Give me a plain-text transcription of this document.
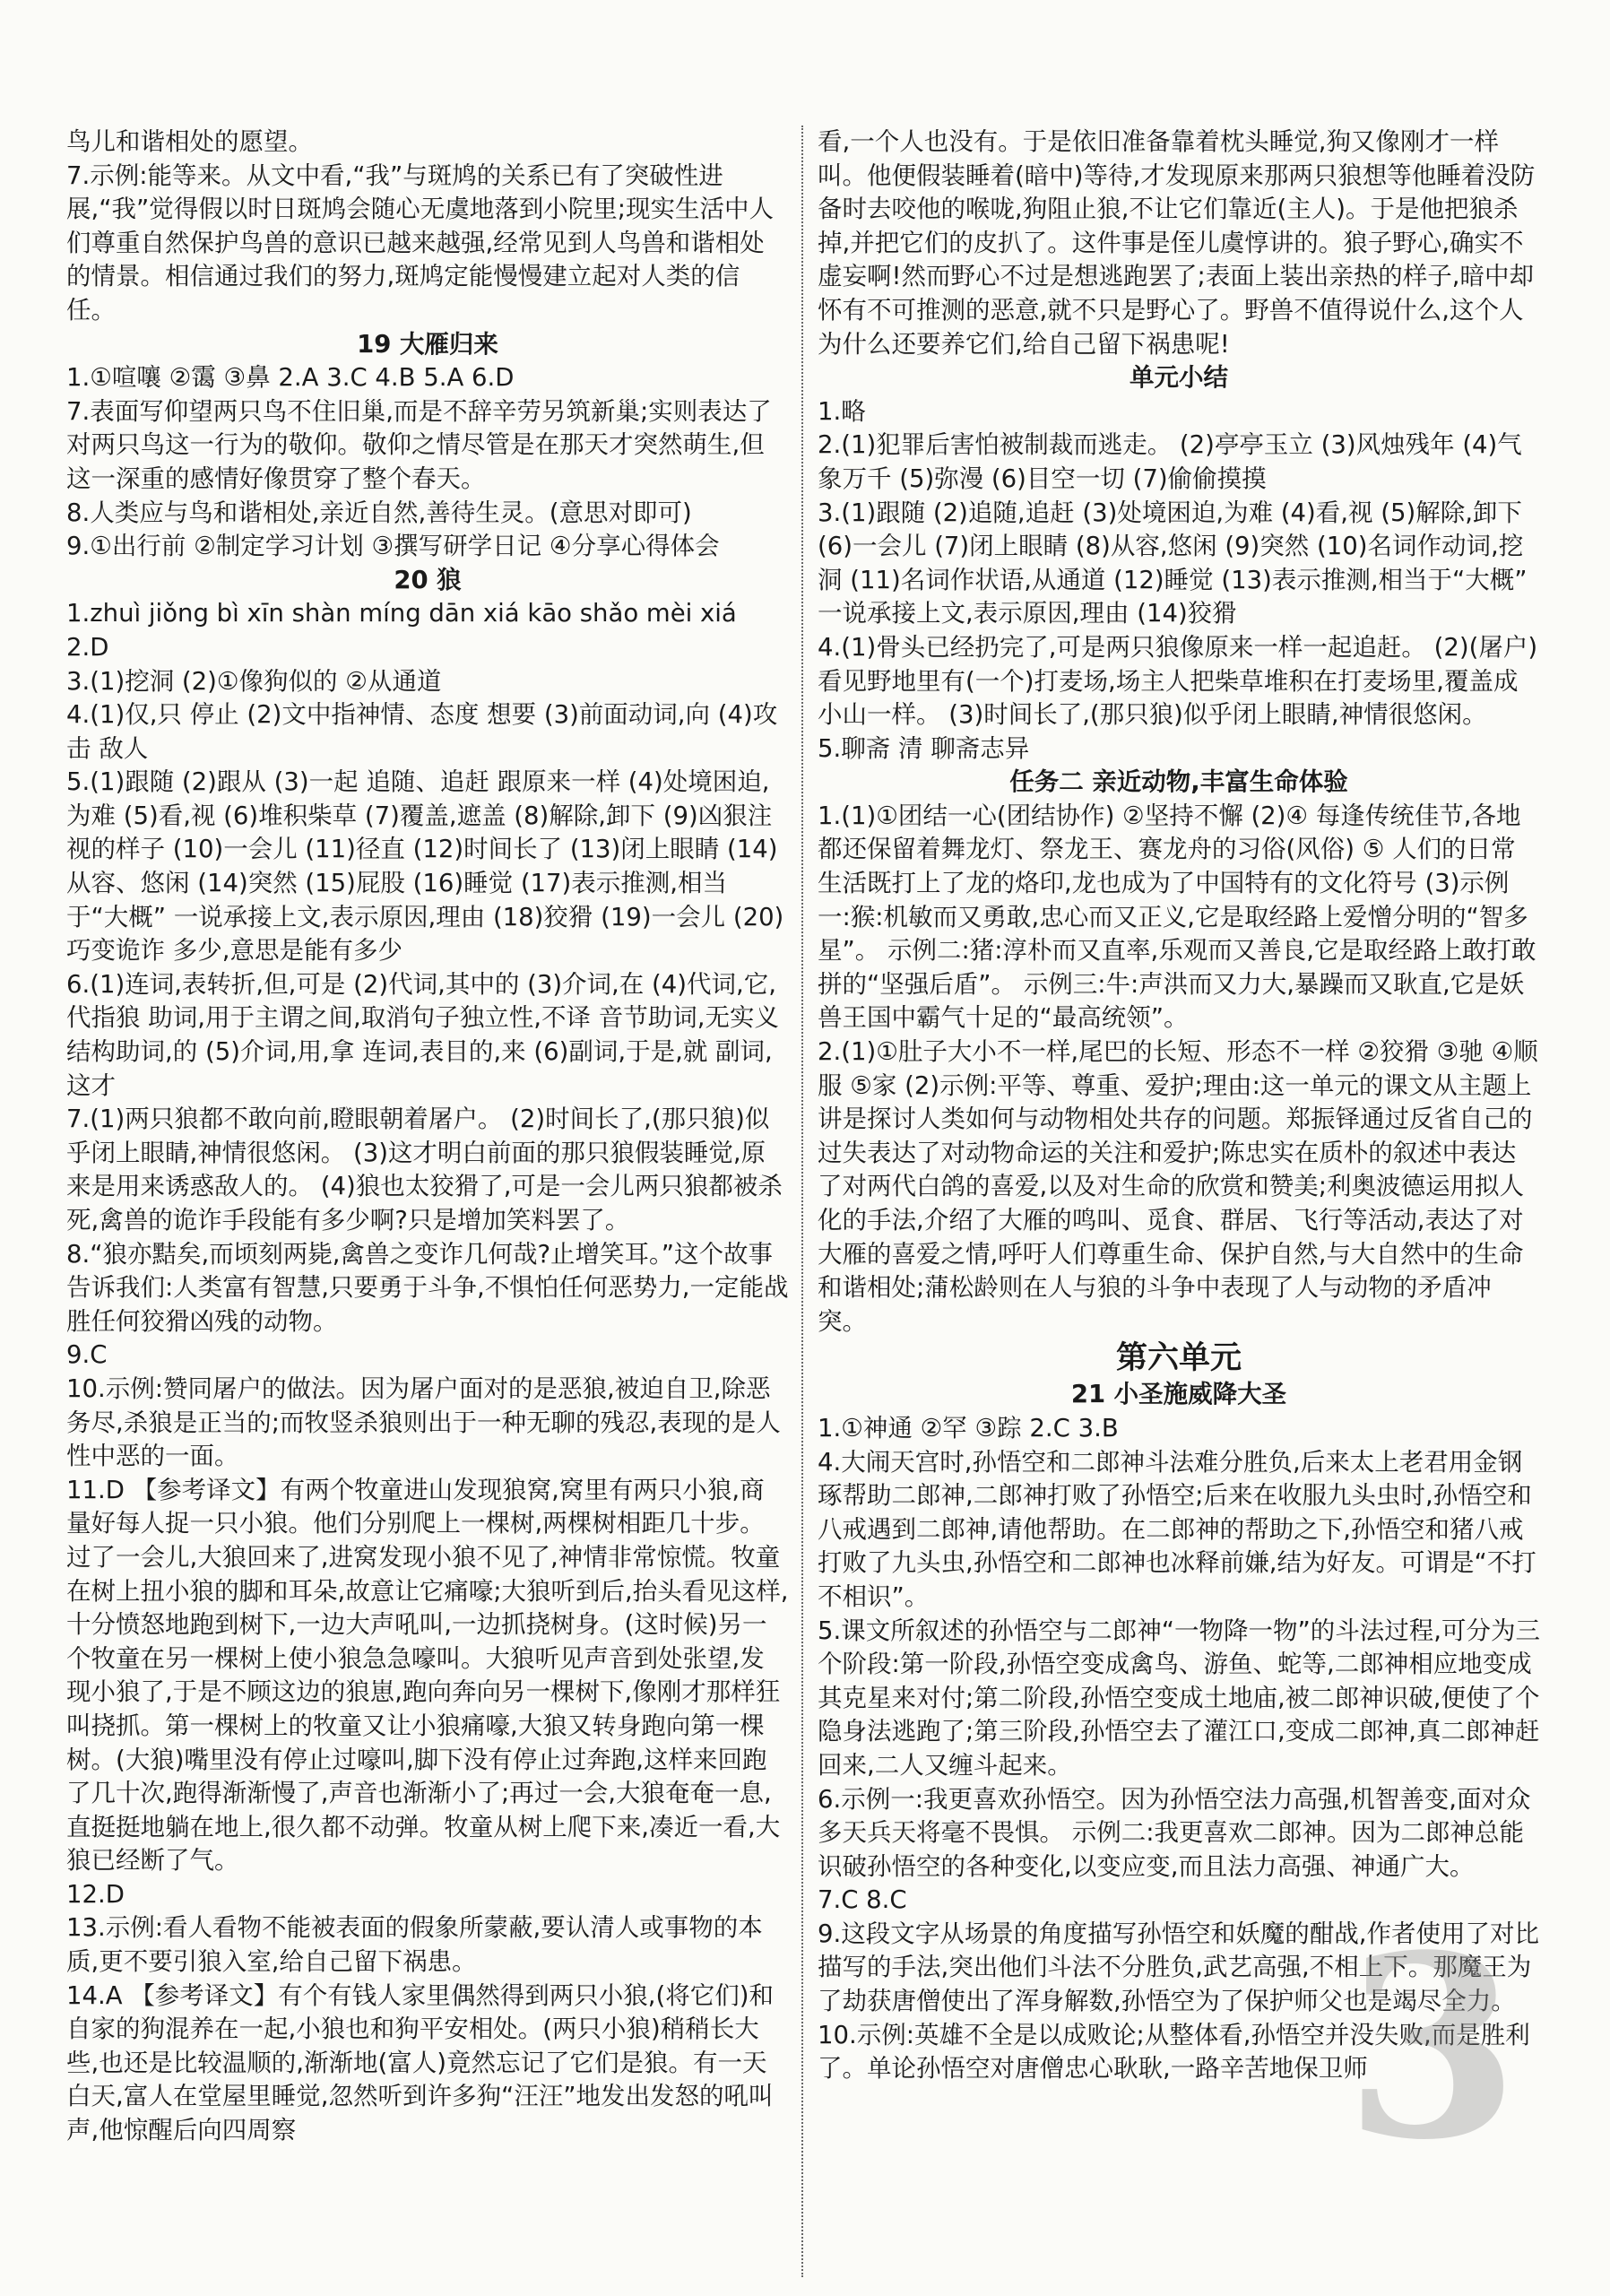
鸟儿和谐相处的愿望。

7.示例:能等来。从文中看,“我”与斑鸠的关系已有了突破性进展,“我”觉得假以时日斑鸠会随心无虞地落到小院里;现实生活中人们尊重自然保护鸟兽的意识已越来越强,经常见到人鸟兽和谐相处的情景。相信通过我们的努力,斑鸠定能慢慢建立起对人类的信任。

19 大雁归来

1.①喧嚷 ②霭 ③鼻 2.A 3.C 4.B 5.A 6.D

7.表面写仰望两只鸟不住旧巢,而是不辞辛劳另筑新巢;实则表达了对两只鸟这一行为的敬仰。敬仰之情尽管是在那天才突然萌生,但这一深重的感情好像贯穿了整个春天。

8.人类应与鸟和谐相处,亲近自然,善待生灵。(意思对即可)

9.①出行前 ②制定学习计划 ③撰写研学日记 ④分享心得体会

20 狼

1.zhuì jiǒng bì xīn shàn míng dān xiá kāo shǎo mèi xiá

2.D

3.(1)挖洞 (2)①像狗似的 ②从通道

4.(1)仅,只 停止 (2)文中指神情、态度 想要 (3)前面动词,向 (4)攻击 敌人

5.(1)跟随 (2)跟从 (3)一起 追随、追赶 跟原来一样 (4)处境困迫,为难 (5)看,视 (6)堆积柴草 (7)覆盖,遮盖 (8)解除,卸下 (9)凶狠注视的样子 (10)一会儿 (11)径直 (12)时间长了 (13)闭上眼睛 (14)从容、悠闲 (14)突然 (15)屁股 (16)睡觉 (17)表示推测,相当于“大概” 一说承接上文,表示原因,理由 (18)狡猾 (19)一会儿 (20)巧变诡诈 多少,意思是能有多少

6.(1)连词,表转折,但,可是 (2)代词,其中的 (3)介词,在 (4)代词,它,代指狼 助词,用于主谓之间,取消句子独立性,不译 音节助词,无实义 结构助词,的 (5)介词,用,拿 连词,表目的,来 (6)副词,于是,就 副词,这才

7.(1)两只狼都不敢向前,瞪眼朝着屠户。 (2)时间长了,(那只狼)似乎闭上眼睛,神情很悠闲。 (3)这才明白前面的那只狼假装睡觉,原来是用来诱惑敌人的。 (4)狼也太狡猾了,可是一会儿两只狼都被杀死,禽兽的诡诈手段能有多少啊?只是增加笑料罢了。

8.“狼亦黠矣,而顷刻两毙,禽兽之变诈几何哉?止增笑耳。”这个故事告诉我们:人类富有智慧,只要勇于斗争,不惧怕任何恶势力,一定能战胜任何狡猾凶残的动物。

9.C

10.示例:赞同屠户的做法。因为屠户面对的是恶狼,被迫自卫,除恶务尽,杀狼是正当的;而牧竖杀狼则出于一种无聊的残忍,表现的是人性中恶的一面。

11.D 【参考译文】有两个牧童进山发现狼窝,窝里有两只小狼,商量好每人捉一只小狼。他们分别爬上一棵树,两棵树相距几十步。过了一会儿,大狼回来了,进窝发现小狼不见了,神情非常惊慌。牧童在树上扭小狼的脚和耳朵,故意让它痛嚎;大狼听到后,抬头看见这样,十分愤怒地跑到树下,一边大声吼叫,一边抓挠树身。(这时候)另一个牧童在另一棵树上使小狼急急嚎叫。大狼听见声音到处张望,发现小狼了,于是不顾这边的狼崽,跑向奔向另一棵树下,像刚才那样狂叫挠抓。第一棵树上的牧童又让小狼痛嚎,大狼又转身跑向第一棵树。(大狼)嘴里没有停止过嚎叫,脚下没有停止过奔跑,这样来回跑了几十次,跑得渐渐慢了,声音也渐渐小了;再过一会,大狼奄奄一息,直挺挺地躺在地上,很久都不动弹。牧童从树上爬下来,凑近一看,大狼已经断了气。

12.D

13.示例:看人看物不能被表面的假象所蒙蔽,要认清人或事物的本质,更不要引狼入室,给自己留下祸患。

14.A 【参考译文】有个有钱人家里偶然得到两只小狼,(将它们)和自家的狗混养在一起,小狼也和狗平安相处。(两只小狼)稍稍长大些,也还是比较温顺的,渐渐地(富人)竟然忘记了它们是狼。有一天白天,富人在堂屋里睡觉,忽然听到许多狗“汪汪”地发出发怒的吼叫声,他惊醒后向四周察

看,一个人也没有。于是依旧准备靠着枕头睡觉,狗又像刚才一样叫。他便假装睡着(暗中)等待,才发现原来那两只狼想等他睡着没防备时去咬他的喉咙,狗阻止狼,不让它们靠近(主人)。于是他把狼杀掉,并把它们的皮扒了。这件事是侄儿虞惇讲的。狼子野心,确实不虚妄啊!然而野心不过是想逃跑罢了;表面上装出亲热的样子,暗中却怀有不可推测的恶意,就不只是野心了。野兽不值得说什么,这个人为什么还要养它们,给自己留下祸患呢!

单元小结

1.略

2.(1)犯罪后害怕被制裁而逃走。 (2)亭亭玉立 (3)风烛残年 (4)气象万千 (5)弥漫 (6)目空一切 (7)偷偷摸摸

3.(1)跟随 (2)追随,追赶 (3)处境困迫,为难 (4)看,视 (5)解除,卸下 (6)一会儿 (7)闭上眼睛 (8)从容,悠闲 (9)突然 (10)名词作动词,挖洞 (11)名词作状语,从通道 (12)睡觉 (13)表示推测,相当于“大概” 一说承接上文,表示原因,理由 (14)狡猾

4.(1)骨头已经扔完了,可是两只狼像原来一样一起追赶。 (2)(屠户)看见野地里有(一个)打麦场,场主人把柴草堆积在打麦场里,覆盖成小山一样。 (3)时间长了,(那只狼)似乎闭上眼睛,神情很悠闲。

5.聊斋 清 聊斋志异

任务二 亲近动物,丰富生命体验

1.(1)①团结一心(团结协作) ②坚持不懈 (2)④ 每逢传统佳节,各地都还保留着舞龙灯、祭龙王、赛龙舟的习俗(风俗) ⑤ 人们的日常生活既打上了龙的烙印,龙也成为了中国特有的文化符号 (3)示例一:猴:机敏而又勇敢,忠心而又正义,它是取经路上爱憎分明的“智多星”。 示例二:猪:淳朴而又直率,乐观而又善良,它是取经路上敢打敢拼的“坚强后盾”。 示例三:牛:声洪而又力大,暴躁而又耿直,它是妖兽王国中霸气十足的“最高统领”。

2.(1)①肚子大小不一样,尾巴的长短、形态不一样 ②狡猾 ③驰 ④顺服 ⑤家 (2)示例:平等、尊重、爱护;理由:这一单元的课文从主题上讲是探讨人类如何与动物相处共存的问题。郑振铎通过反省自己的过失表达了对动物命运的关注和爱护;陈忠实在质朴的叙述中表达了对两代白鸽的喜爱,以及对生命的欣赏和赞美;利奥波德运用拟人化的手法,介绍了大雁的鸣叫、觅食、群居、飞行等活动,表达了对大雁的喜爱之情,呼吁人们尊重生命、保护自然,与大自然中的生命和谐相处;蒲松龄则在人与狼的斗争中表现了人与动物的矛盾冲突。

第六单元

21 小圣施威降大圣

1.①神通 ②罕 ③踪 2.C 3.B

4.大闹天宫时,孙悟空和二郎神斗法难分胜负,后来太上老君用金钢琢帮助二郎神,二郎神打败了孙悟空;后来在收服九头虫时,孙悟空和八戒遇到二郎神,请他帮助。在二郎神的帮助之下,孙悟空和猪八戒打败了九头虫,孙悟空和二郎神也冰释前嫌,结为好友。可谓是“不打不相识”。

5.课文所叙述的孙悟空与二郎神“一物降一物”的斗法过程,可分为三个阶段:第一阶段,孙悟空变成禽鸟、游鱼、蛇等,二郎神相应地变成其克星来对付;第二阶段,孙悟空变成土地庙,被二郎神识破,便使了个隐身法逃跑了;第三阶段,孙悟空去了灌江口,变成二郎神,真二郎神赶回来,二人又缠斗起来。

6.示例一:我更喜欢孙悟空。因为孙悟空法力高强,机智善变,面对众多天兵天将毫不畏惧。 示例二:我更喜欢二郎神。因为二郎神总能识破孙悟空的各种变化,以变应变,而且法力高强、神通广大。

7.C 8.C

9.这段文字从场景的角度描写孙悟空和妖魔的酣战,作者使用了对比描写的手法,突出他们斗法不分胜负,武艺高强,不相上下。那魔王为了劫获唐僧使出了浑身解数,孙悟空为了保护师父也是竭尽全力。

10.示例:英雄不全是以成败论;从整体看,孙悟空并没失败,而是胜利了。单论孙悟空对唐僧忠心耿耿,一路辛苦地保卫师

3
